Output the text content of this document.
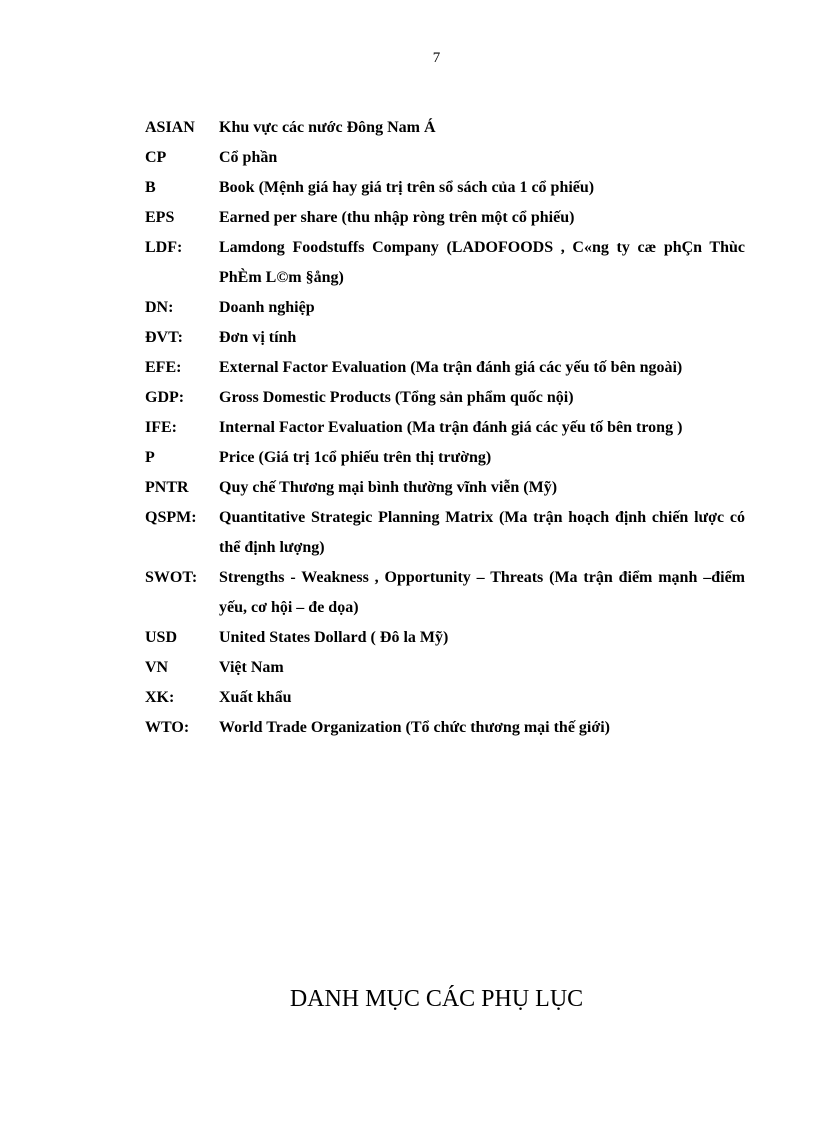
7
ASIAN	Khu vực các nước Đông Nam Á
CP	Cổ phần
B	Book (Mệnh giá hay giá trị trên sổ sách của 1 cổ phiếu)
EPS	Earned per share (thu nhập ròng trên một cổ phiếu)
LDF:	Lamdong Foodstuffs Company (LADOFOODS , C«ng ty cæ phÇn Thùc PhÈm L©m §ång)
DN:	Doanh nghiệp
ĐVT:	Đơn vị tính
EFE:	External Factor Evaluation (Ma trận đánh giá các yếu tố bên ngoài)
GDP:	Gross Domestic Products (Tổng sản phẩm quốc nội)
IFE:	Internal Factor Evaluation (Ma trận đánh giá các yếu tố bên trong )
P	Price (Giá trị 1cổ phiếu trên thị trường)
PNTR	Quy chế Thương mại bình thường vĩnh viễn (Mỹ)
QSPM:	Quantitative Strategic Planning Matrix (Ma trận hoạch định chiến lược có thể định lượng)
SWOT:	Strengths - Weakness , Opportunity – Threats (Ma trận điểm mạnh –điểm yếu, cơ hội – đe dọa)
USD	United States Dollard ( Đô la Mỹ)
VN	Việt Nam
XK:	Xuất khẩu
WTO:	World Trade Organization (Tổ chức thương mại thế giới)
DANH MỤC CÁC PHỤ LỤC
